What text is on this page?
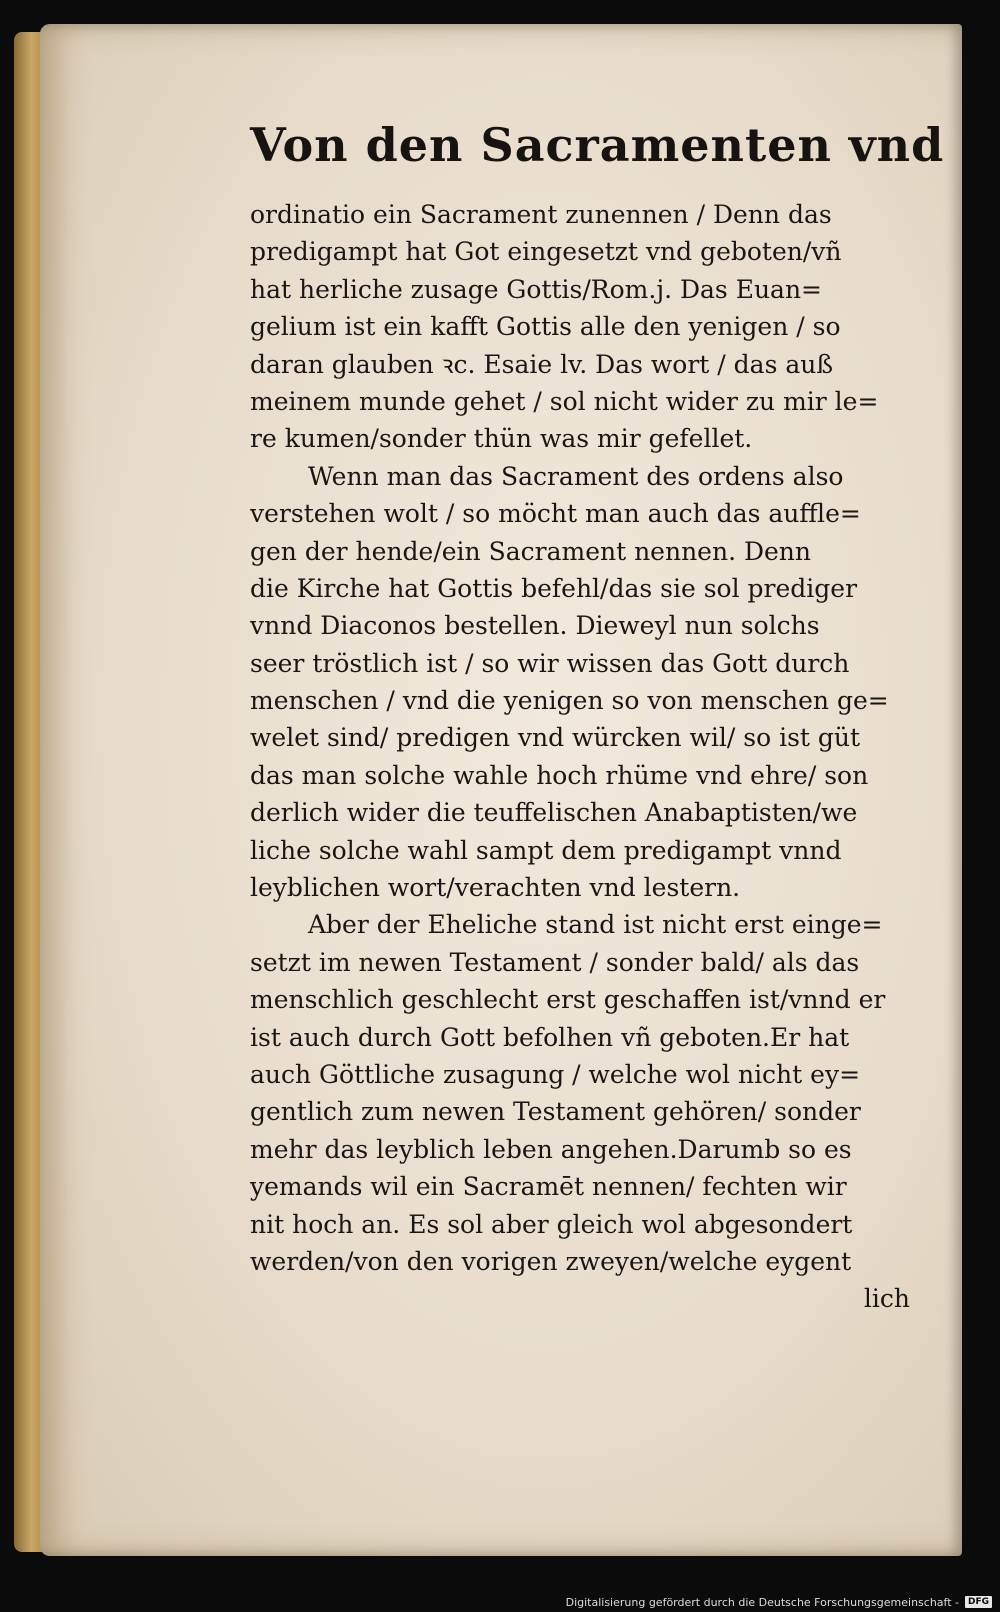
Von den Sacramenten vnd
ordinatio ein Sacrament zunennen / Denn das
predigampt hat Got eingesetzt vnd geboten/vñ
hat herliche zusage Gottis/Rom.j. Das Euan=
gelium ist ein kafft Gottis alle den yenigen / so
daran glauben ꝛc. Esaie lv. Das wort / das auß
meinem munde gehet / sol nicht wider zu mir le=
re kumen/sonder thün was mir gefellet.
Wenn man das Sacrament des ordens also
verstehen wolt / so möcht man auch das auffle=
gen der hende/ein Sacrament nennen. Denn
die Kirche hat Gottis befehl/das sie sol prediger
vnnd Diaconos bestellen. Dieweyl nun solchs
seer tröstlich ist / so wir wissen das Gott durch
menschen / vnd die yenigen so von menschen ge=
welet sind/ predigen vnd würcken wil/ so ist güt
das man solche wahle hoch rhüme vnd ehre/ son
derlich wider die teuffelischen Anabaptisten/we
liche solche wahl sampt dem predigampt vnnd
leyblichen wort/verachten vnd lestern.
Aber der Eheliche stand ist nicht erst einge=
setzt im newen Testament / sonder bald/ als das
menschlich geschlecht erst geschaffen ist/vnnd er
ist auch durch Gott befolhen vñ geboten.Er hat
auch Göttliche zusagung / welche wol nicht ey=
gentlich zum newen Testament gehören/ sonder
mehr das leyblich leben angehen.Darumb so es
yemands wil ein Sacramēt nennen/ fechten wir
nit hoch an. Es sol aber gleich wol abgesondert
werden/von den vorigen zweyen/welche eygent
lich
Digitalisierung gefördert durch die Deutsche Forschungsgemeinschaft -	DFG
